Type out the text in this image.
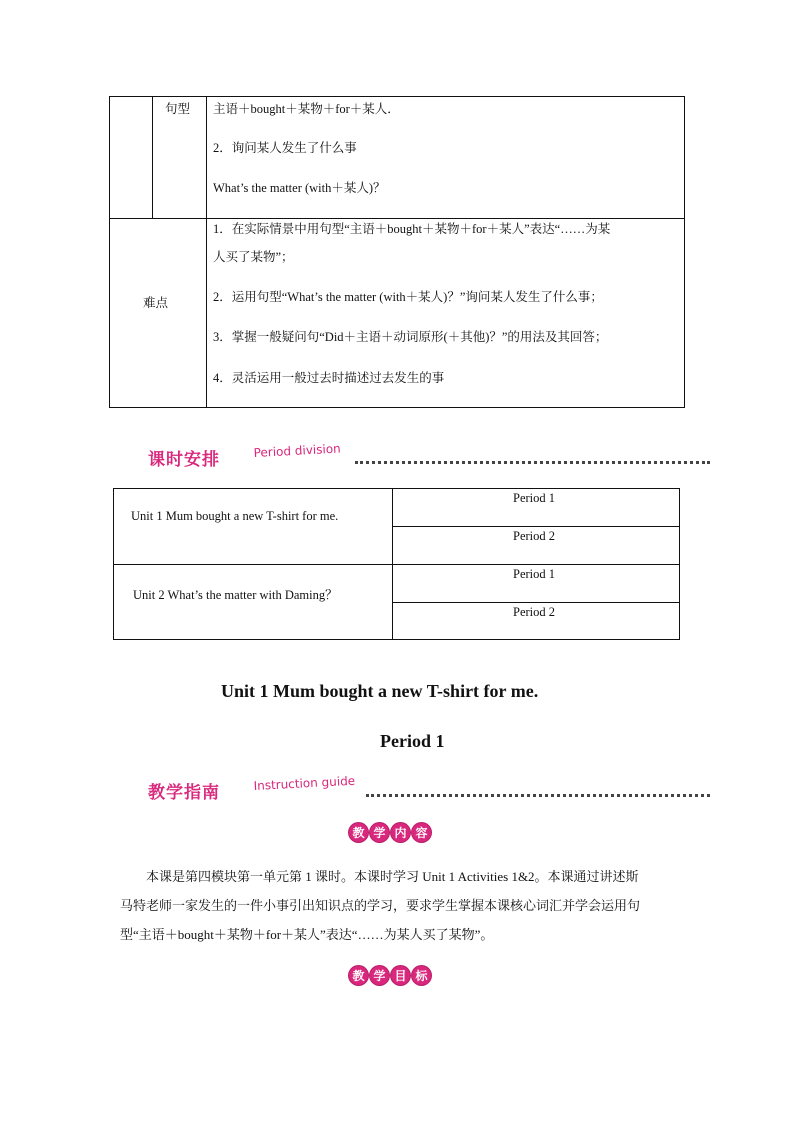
句型 主语＋bought＋某物＋for＋某人．
2．询问某人发生了什么事
What’s the matter (with＋某人)？
难点
1．在实际情景中用句型“主语＋bought＋某物＋for＋某人”表达“……为某
人买了某物”；
2．运用句型“What’s the matter (with＋某人)？”询问某人发生了什么事；
3．掌握一般疑问句“Did＋主语＋动词原形(＋其他)？”的用法及其回答；
4．灵活运用一般过去时描述过去发生的事
课时安排	Period division
Unit 1 Mum bought a new T-shirt for me.
Unit 2 What’s the matter with Daming？
Period 1
Period 2
Period 1
Period 2
Unit 1 Mum bought a new T-shirt for me.
Period 1
教学指南	Instruction guide
教 学 内 容
本课是第四模块第一单元第 1 课时。本课时学习 Unit 1 Activities 1&2。本课通过讲述斯
马特老师一家发生的一件小事引出知识点的学习，要求学生掌握本课核心词汇并学会运用句
型“主语＋bought＋某物＋for＋某人”表达“……为某人买了某物”。
教 学 目 标
